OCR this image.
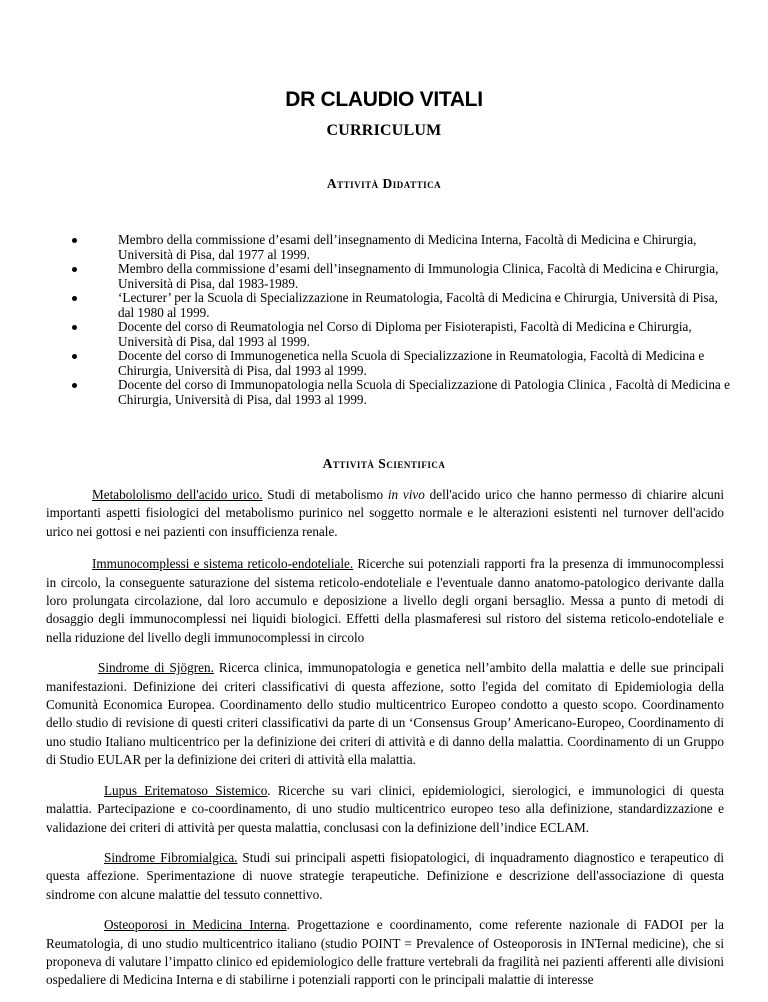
DR CLAUDIO VITALI
CURRICULUM
Attività Didattica
Membro della commissione d’esami dell’insegnamento di Medicina Interna, Facoltà di Medicina e Chirurgia, Università di Pisa, dal 1977 al 1999.
Membro della commissione d’esami dell’insegnamento di Immunologia Clinica, Facoltà di Medicina e Chirurgia, Università di Pisa, dal 1983-1989.
‘Lecturer’ per la Scuola di Specializzazione in Reumatologia, Facoltà di Medicina e Chirurgia, Università di Pisa, dal 1980 al 1999.
Docente del corso di Reumatologia nel Corso di Diploma per Fisioterapisti, Facoltà di Medicina e Chirurgia, Università di Pisa, dal 1993 al 1999.
Docente del corso di Immunogenetica nella Scuola di Specializzazione in Reumatologia, Facoltà di Medicina e Chirurgia, Università di Pisa, dal 1993 al 1999.
Docente del corso di Immunopatologia nella Scuola di Specializzazione di Patologia Clinica , Facoltà di Medicina e Chirurgia, Università di Pisa, dal 1993 al 1999.
Attività Scientifica

Metabololismo dell'acido urico. Studi di metabolismo in vivo dell'acido urico che hanno permesso di chiarire alcuni importanti aspetti fisiologici del metabolismo purinico nel soggetto normale e le alterazioni esistenti nel turnover dell'acido urico nei gottosi e nei pazienti con insufficienza renale.

Immunocomplessi e sistema reticolo-endoteliale. Ricerche sui potenziali rapporti fra la presenza di immunocomplessi in circolo, la conseguente saturazione del sistema reticolo-endoteliale e l'eventuale danno anatomo-patologico derivante dalla loro prolungata circolazione, dal loro accumulo e deposizione a livello degli organi bersaglio. Messa a punto di metodi di dosaggio degli immunocomplessi nei liquidi biologici. Effetti della plasmaferesi sul ristoro del sistema reticolo-endoteliale e nella riduzione del livello degli immunocomplessi in circolo

Sindrome di Sjögren. Ricerca clinica, immunopatologia e genetica nell’ambito della malattia e delle sue principali manifestazioni. Definizione dei criteri classificativi di questa affezione, sotto l'egida del comitato di Epidemiologia della Comunità Economica Europea. Coordinamento dello studio multicentrico Europeo condotto a questo scopo. Coordinamento dello studio di revisione di questi criteri classificativi da parte di un ‘Consensus Group’ Americano-Europeo, Coordinamento di uno studio Italiano multicentrico per la definizione dei criteri di attività e di danno della malattia. Coordinamento di un Gruppo di Studio EULAR per la definizione dei criteri di attività ella malattia.

Lupus Eritematoso Sistemico. Ricerche su vari clinici, epidemiologici, sierologici, e immunologici di questa malattia. Partecipazione e co-coordinamento, di uno studio multicentrico europeo teso alla definizione, standardizzazione e validazione dei criteri di attività per questa malattia, conclusasi con la definizione dell’indice ECLAM.

Sindrome Fibromialgica. Studi sui principali aspetti fisiopatologici, di inquadramento diagnostico e terapeutico di questa affezione. Sperimentazione di nuove strategie terapeutiche. Definizione e descrizione dell'associazione di questa sindrome con alcune malattie del tessuto connettivo.

Osteoporosi in Medicina Interna. Progettazione e coordinamento, come referente nazionale di FADOI per la Reumatologia, di uno studio multicentrico italiano (studio POINT = Prevalence of Osteoporosis in INTernal medicine), che si proponeva di valutare l’impatto clinico ed epidemiologico delle fratture vertebrali da fragilità nei pazienti afferenti alle divisioni ospedaliere di Medicina Interna e di stabilirne i potenziali rapporti con le principali malattie di interesse
